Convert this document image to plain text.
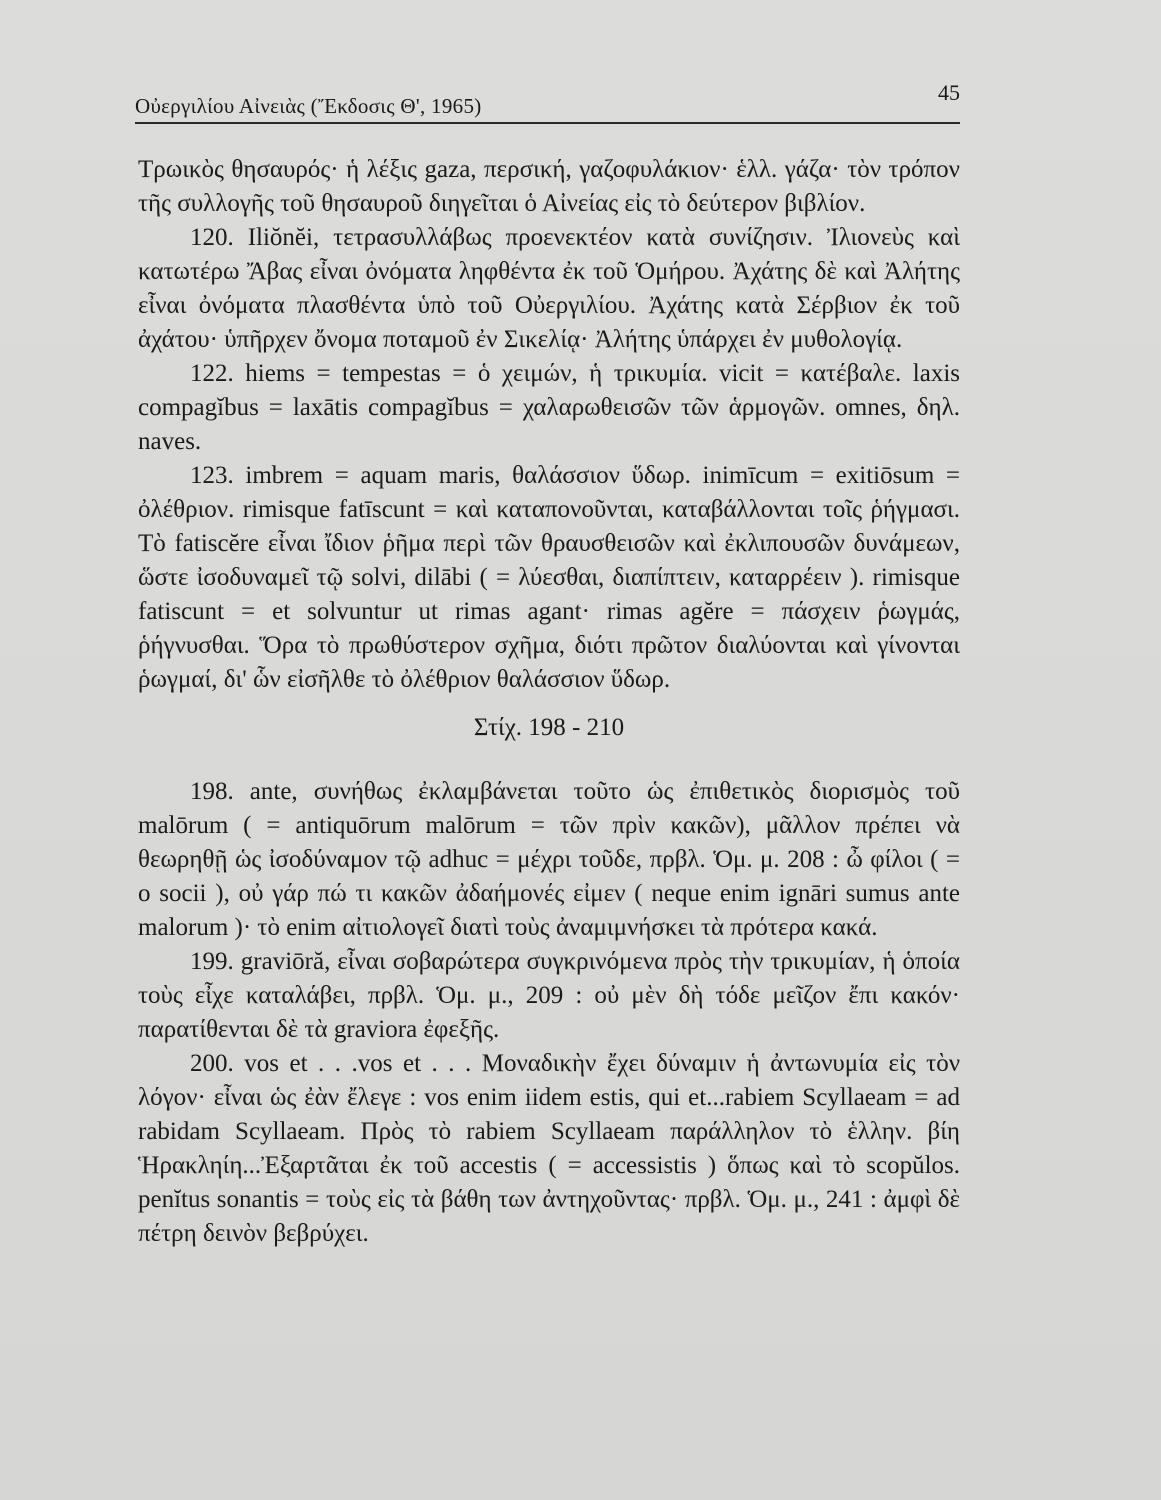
Οὐεργιλίου Αἰνειὰς (Ἔκδοσις Θ', 1965)
45

Τρωικὸς θησαυρός· ἡ λέξις gaza, περσική, γαζοφυλάκιον· ἑλλ. γάζα· τὸν τρόπον τῆς συλλογῆς τοῦ θησαυροῦ διηγεῖται ὁ Αἰνείας εἰς τὸ δεύτερον βιβλίον.

120. Iliŏnĕi, τετρασυλλάβως προενεκτέον κατὰ συνίζησιν. Ἰλιονεὺς καὶ κατωτέρω Ἄβας εἶναι ὀνόματα ληφθέντα ἐκ τοῦ Ὁμήρου. Ἀχάτης δὲ καὶ Ἀλήτης εἶναι ὀνόματα πλασθέντα ὑπὸ τοῦ Οὐεργιλίου. Ἀχάτης κατὰ Σέρβιον ἐκ τοῦ ἀχάτου· ὑπῆρχεν ὄνομα ποταμοῦ ἐν Σικελίᾳ· Ἀλήτης ὑπάρχει ἐν μυθολογίᾳ.

122. hiems = tempestas = ὁ χειμών, ἡ τρικυμία. vicit = κατέβαλε. laxis compagĭbus = laxātis compagĭbus = χαλαρωθεισῶν τῶν ἁρμογῶν. omnes, δηλ. naves.

123. imbrem = aquam maris, θαλάσσιον ὕδωρ. inimīcum = exitiōsum = ὀλέθριον. rimisque fatīscunt = καὶ καταπονοῦνται, καταβάλλονται τοῖς ῥήγμασι. Τὸ fatiscĕre εἶναι ἴδιον ῥῆμα περὶ τῶν θραυσθεισῶν καὶ ἐκλιπουσῶν δυνάμεων, ὥστε ἰσοδυναμεῖ τῷ solvi, dilābi ( = λύεσθαι, διαπίπτειν, καταρρέειν ). rimisque fatiscunt = et solvuntur ut rimas agant· rimas agĕre = πάσχειν ῥωγμάς, ῥήγνυσθαι. Ὅρα τὸ πρωθύστερον σχῆμα, διότι πρῶτον διαλύονται καὶ γίνονται ῥωγμαί, δι' ὧν εἰσῆλθε τὸ ὀλέθριον θαλάσσιον ὕδωρ.

Στίχ. 198 - 210

198. ante, συνήθως ἐκλαμβάνεται τοῦτο ὡς ἐπιθετικὸς διορισμὸς τοῦ malōrum ( = antiquōrum malōrum = τῶν πρὶν κακῶν), μᾶλλον πρέπει νὰ θεωρηθῇ ὡς ἰσοδύναμον τῷ adhuc = μέχρι τοῦδε, πρβλ. Ὁμ. μ. 208 : ὦ φίλοι ( = o socii ), οὐ γάρ πώ τι κακῶν ἀδαήμονές εἰμεν ( neque enim ignāri sumus ante malorum )· τὸ enim αἰτιολογεῖ διατὶ τοὺς ἀναμιμνήσκει τὰ πρότερα κακά.

199. graviōră, εἶναι σοβαρώτερα συγκρινόμενα πρὸς τὴν τρικυμίαν, ἡ ὁποία τοὺς εἶχε καταλάβει, πρβλ. Ὁμ. μ., 209 : οὐ μὲν δὴ τόδε μεῖζον ἔπι κακόν· παρατίθενται δὲ τὰ graviora ἐφεξῆς.

200. vos et . . .vos et . . . Μοναδικὴν ἔχει δύναμιν ἡ ἀντωνυμία εἰς τὸν λόγον· εἶναι ὡς ἐὰν ἔλεγε : vos enim iidem estis, qui et...rabiem Scyllaeam = ad rabidam Scyllaeam. Πρὸς τὸ rabiem Scyllaeam παράλληλον τὸ ἑλλην. βίη Ἡρακληίη...Ἐξαρτᾶται ἐκ τοῦ accestis ( = accessistis ) ὅπως καὶ τὸ scopŭlos. penĭtus sonantis = τοὺς εἰς τὰ βάθη των ἀντηχοῦντας· πρβλ. Ὁμ. μ., 241 : ἀμφὶ δὲ πέτρη δεινὸν βεβρύχει.
